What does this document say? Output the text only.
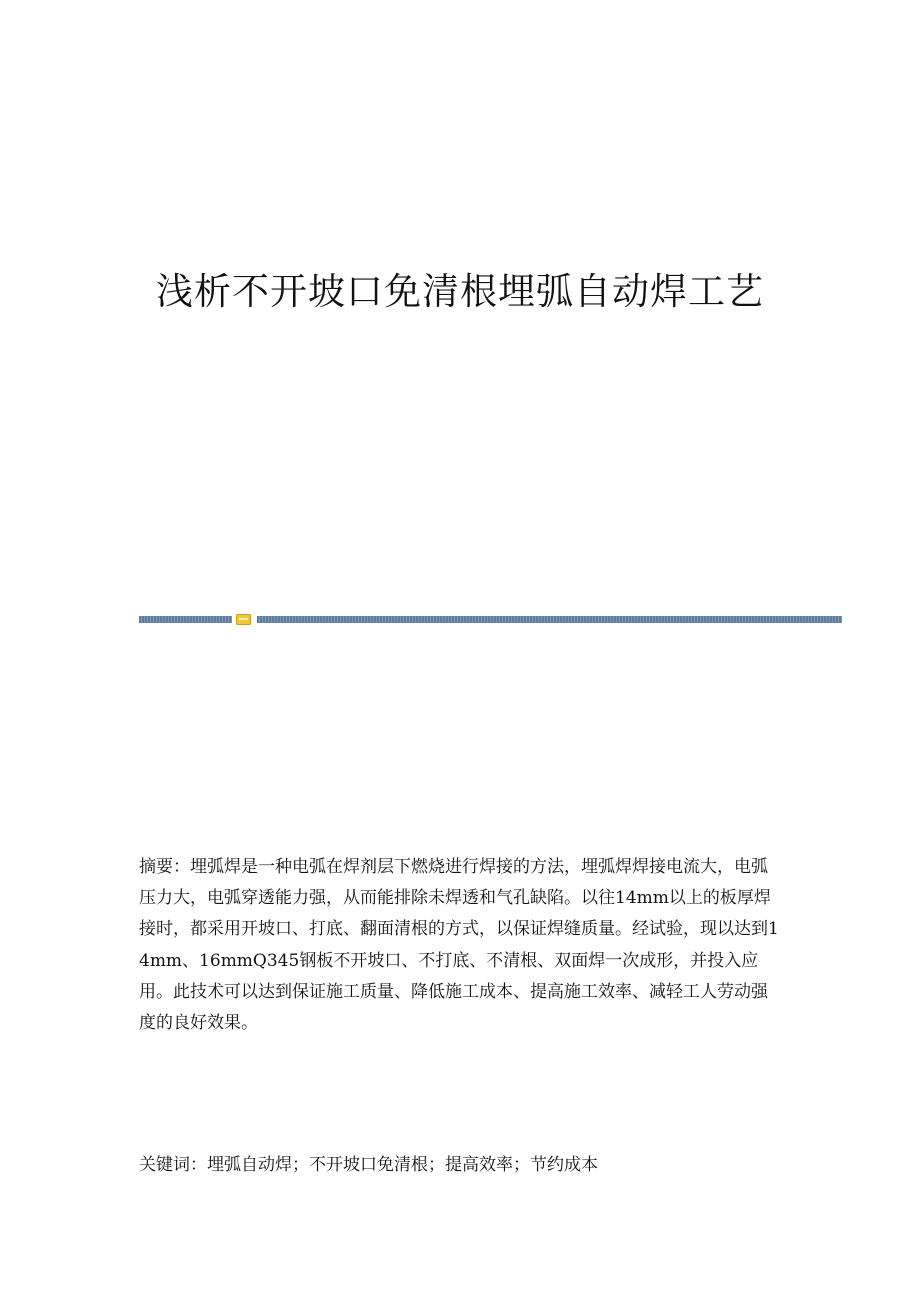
浅析不开坡口免清根埋弧自动焊工艺

摘要：埋弧焊是一种电弧在焊剂层下燃烧进行焊接的方法，埋弧焊焊接电流大，电弧压力大，电弧穿透能力强，从而能排除未焊透和气孔缺陷。以往14mm以上的板厚焊接时，都采用开坡口、打底、翻面清根的方式，以保证焊缝质量。经试验，现以达到14mm、16mmQ345钢板不开坡口、不打底、不清根、双面焊一次成形，并投入应用。此技术可以达到保证施工质量、降低施工成本、提高施工效率、减轻工人劳动强度的良好效果。

关键词：埋弧自动焊；不开坡口免清根；提高效率；节约成本
